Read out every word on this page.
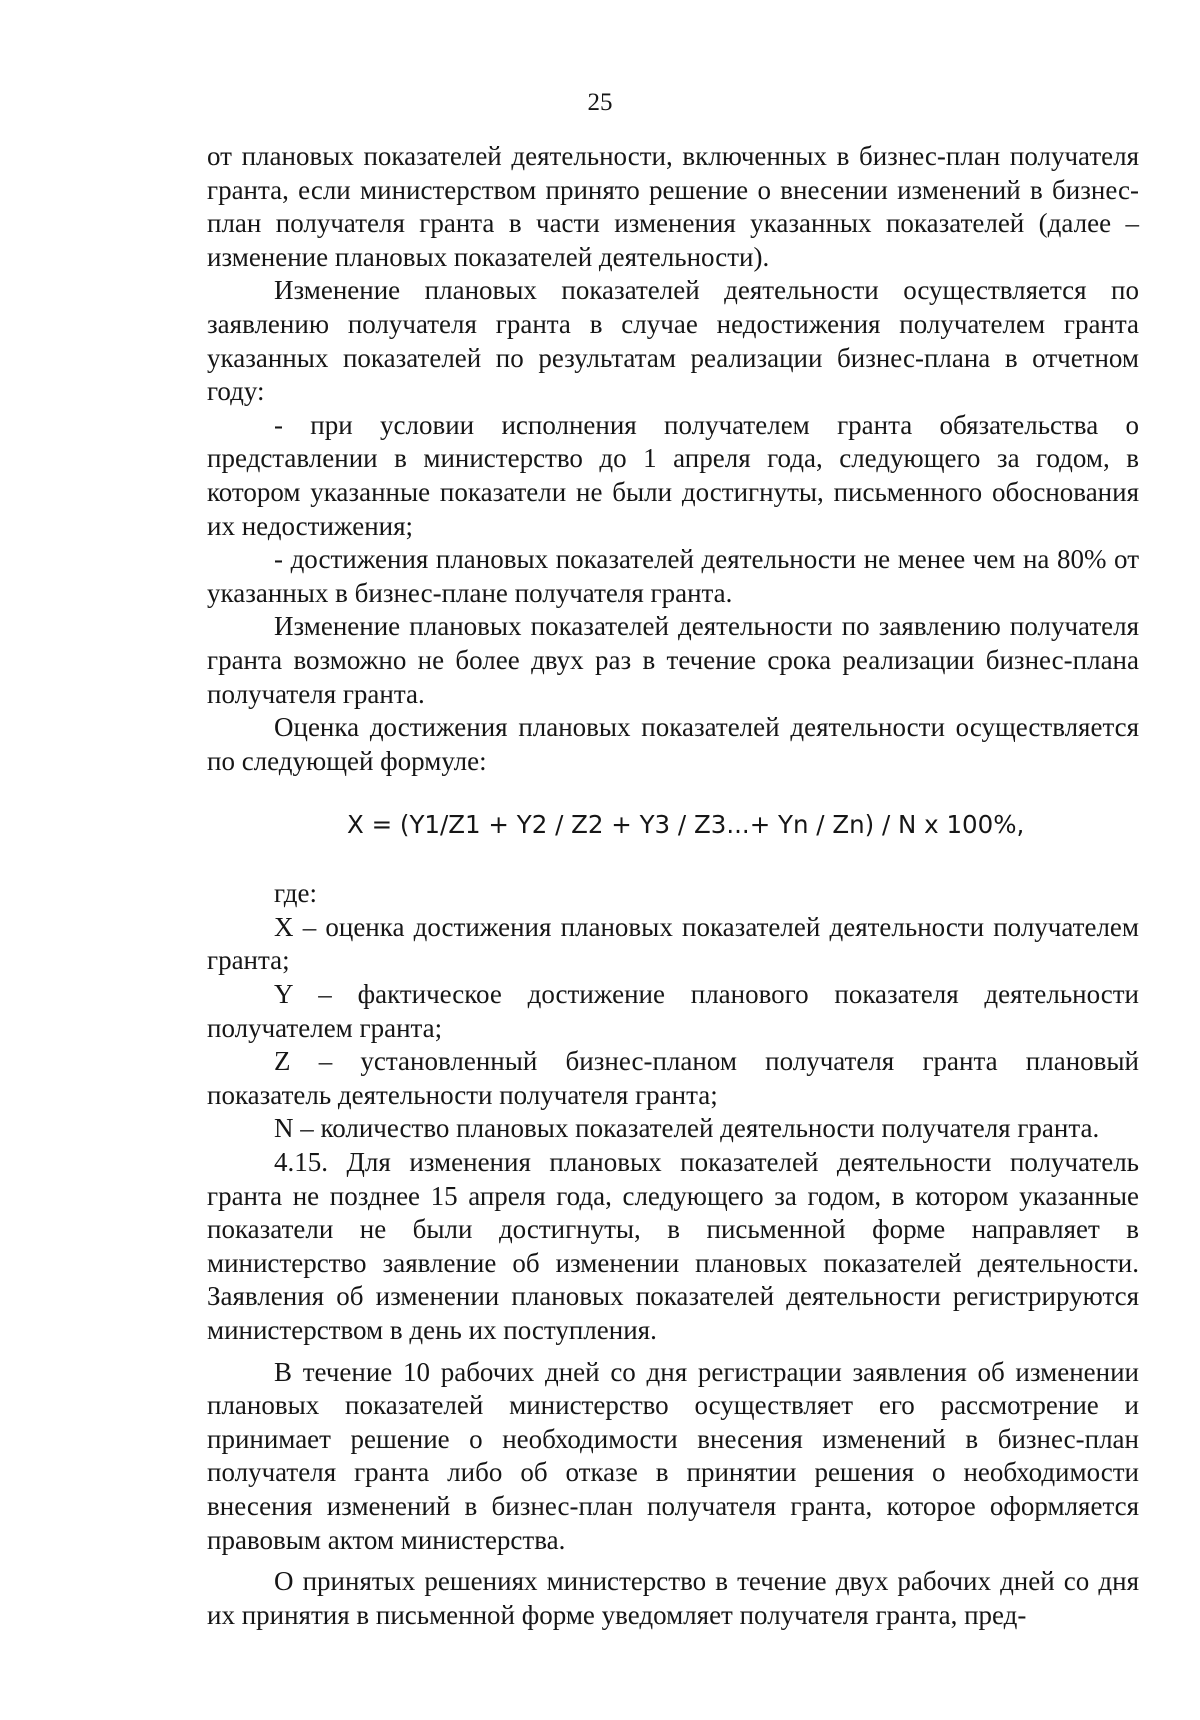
25

от плановых показателей деятельности, включенных в бизнес-план получателя гранта, если министерством принято решение о внесении изменений в бизнес-план получателя гранта в части изменения указанных показателей (далее – изменение плановых показателей деятельности).

Изменение плановых показателей деятельности осуществляется по заявлению получателя гранта в случае недостижения получателем гранта указанных показателей по результатам реализации бизнес-плана в отчетном году:

- при условии исполнения получателем гранта обязательства о представлении в министерство до 1 апреля года, следующего за годом, в котором указанные показатели не были достигнуты, письменного обоснования их недостижения;

- достижения плановых показателей деятельности не менее чем на 80% от указанных в бизнес-плане получателя гранта.

Изменение плановых показателей деятельности по заявлению получателя гранта возможно не более двух раз в течение срока реализации бизнес-плана получателя гранта.

Оценка достижения плановых показателей деятельности осуществляется по следующей формуле:

X = (Y1/Z1 + Y2 / Z2 + Y3 / Z3...+ Yn / Zn) / N x 100%,

где:

X – оценка достижения плановых показателей деятельности получателем гранта;

Y – фактическое достижение планового показателя деятельности получателем гранта;

Z – установленный бизнес-планом получателя гранта плановый показатель деятельности получателя гранта;

N – количество плановых показателей деятельности получателя гранта.

4.15. Для изменения плановых показателей деятельности получатель гранта не позднее 15 апреля года, следующего за годом, в котором указанные показатели не были достигнуты, в письменной форме направляет в министерство заявление об изменении плановых показателей деятельности. Заявления об изменении плановых показателей деятельности регистрируются министерством в день их поступления.

В течение 10 рабочих дней со дня регистрации заявления об изменении плановых показателей министерство осуществляет его рассмотрение и принимает решение о необходимости внесения изменений в бизнес-план получателя гранта либо об отказе в принятии решения о необходимости внесения изменений в бизнес-план получателя гранта, которое оформляется правовым актом министерства.

О принятых решениях министерство в течение двух рабочих дней со дня их принятия в письменной форме уведомляет получателя гранта, пред-
